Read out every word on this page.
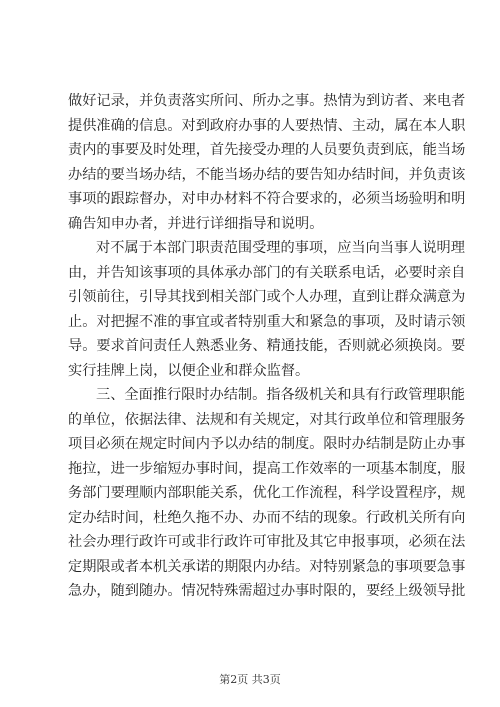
做好记录，并负责落实所问、所办之事。热情为到访者、来电者
提供准确的信息。对到政府办事的人要热情、主动，属在本人职
责内的事要及时处理，首先接受办理的人员要负责到底，能当场
办结的要当场办结，不能当场办结的要告知办结时间，并负责该
事项的跟踪督办，对申办材料不符合要求的，必须当场验明和明
确告知申办者，并进行详细指导和说明。

对不属于本部门职责范围受理的事项，应当向当事人说明理
由，并告知该事项的具体承办部门的有关联系电话，必要时亲自
引领前往，引导其找到相关部门或个人办理，直到让群众满意为
止。对把握不准的事宜或者特别重大和紧急的事项，及时请示领
导。要求首问责任人熟悉业务、精通技能，否则就必须换岗。要
实行挂牌上岗，以便企业和群众监督。

三、全面推行限时办结制。指各级机关和具有行政管理职能
的单位，依据法律、法规和有关规定，对其行政单位和管理服务
项目必须在规定时间内予以办结的制度。限时办结制是防止办事
拖拉，进一步缩短办事时间，提高工作效率的一项基本制度，服
务部门要理顺内部职能关系，优化工作流程，科学设置程序，规
定办结时间，杜绝久拖不办、办而不结的现象。行政机关所有向
社会办理行政许可或非行政许可审批及其它申报事项，必须在法
定期限或者本机关承诺的期限内办结。对特别紧急的事项要急事
急办，随到随办。情况特殊需超过办事时限的，要经上级领导批

第2页 共3页
